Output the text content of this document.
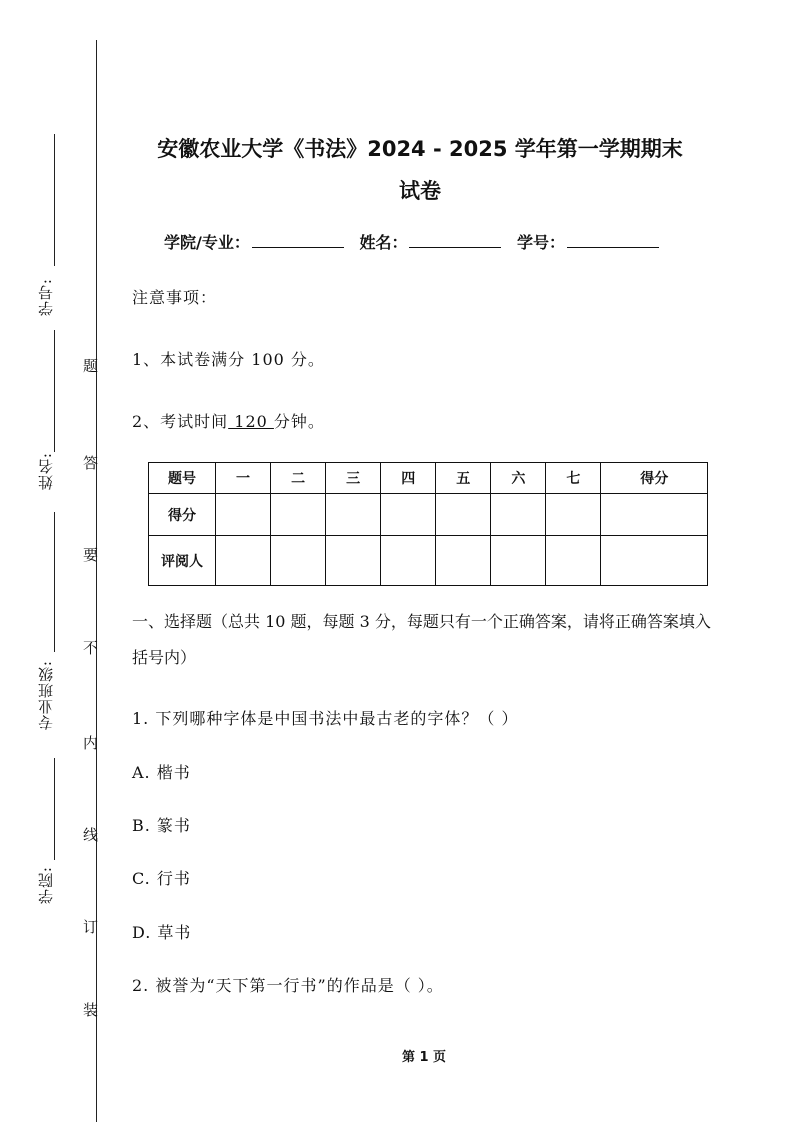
学号:
姓名:
专业班级:
学院:
题
答
要
不
内
线
订
装
安徽农业大学《书法》2024 - 2025 学年第一学期期末
试卷
学院/专业：	姓名：	学号：
注意事项：
1、本试卷满分 100 分。
2、考试时间 120 分钟。
题号	一	二	三	四	五	六	七	得分
得分								
评阅人								
一、选择题（总共 10 题，每题 3 分，每题只有一个正确答案，请将正确答案填入括号内）
1. 下列哪种字体是中国书法中最古老的字体？（ ）
A. 楷书
B. 篆书
C. 行书
D. 草书
2. 被誉为“天下第一行书”的作品是（ ）。
第 1 页
